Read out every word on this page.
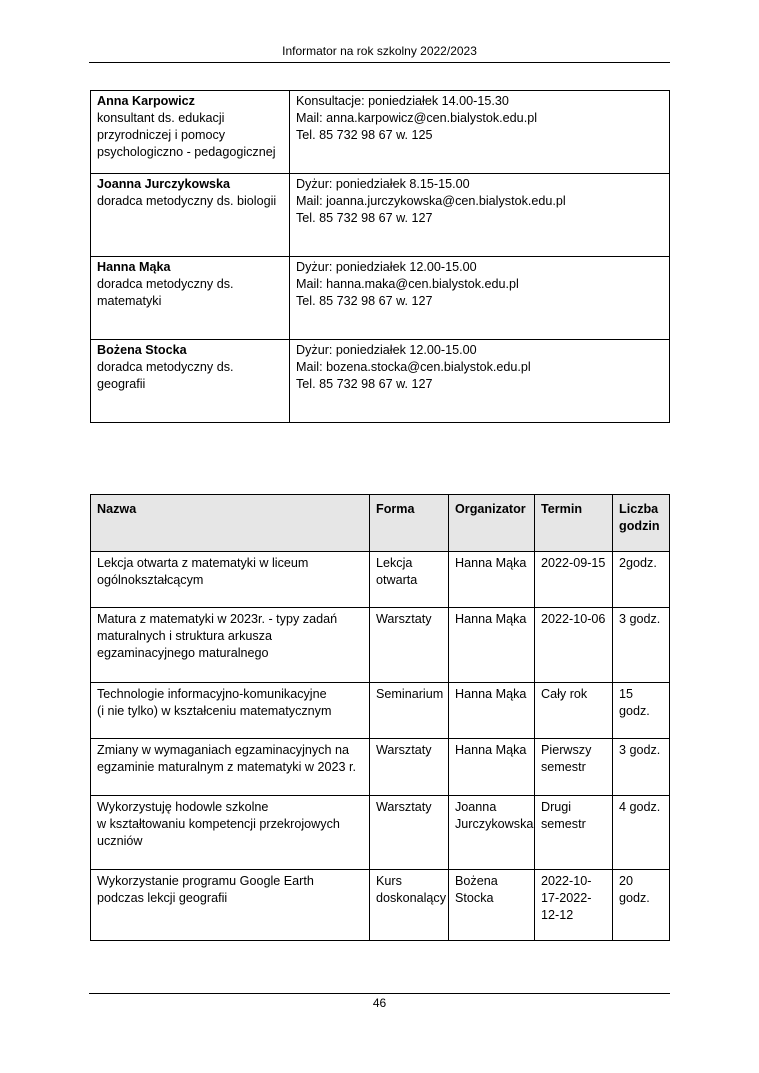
Informator na rok szkolny 2022/2023
Anna Karpowicz
konsultant ds. edukacji
przyrodniczej i pomocy
psychologiczno - pedagogicznej	Konsultacje: poniedziałek 14.00-15.30
Mail: anna.karpowicz@cen.bialystok.edu.pl
Tel. 85 732 98 67 w. 125

Joanna Jurczykowska
doradca metodyczny ds. biologii	Dyżur: poniedziałek 8.15-15.00
Mail: joanna.jurczykowska@cen.bialystok.edu.pl
Tel. 85 732 98 67 w. 127

Hanna Mąka
doradca metodyczny ds.
matematyki	Dyżur: poniedziałek 12.00-15.00
Mail: hanna.maka@cen.bialystok.edu.pl
Tel. 85 732 98 67 w. 127

Bożena Stocka
doradca metodyczny ds.
geografii	Dyżur: poniedziałek 12.00-15.00
Mail: bozena.stocka@cen.bialystok.edu.pl
Tel. 85 732 98 67 w. 127
Nazwa	Forma	Organizator	Termin	Liczba
godzin

Lekcja otwarta z matematyki w liceum
ogólnokształcącym	Lekcja
otwarta	Hanna Mąka	2022-09-15	2godz.

Matura z matematyki w 2023r. - typy zadań
maturalnych i struktura arkusza
egzaminacyjnego maturalnego	Warsztaty	Hanna Mąka	2022-10-06	3 godz.

Technologie informacyjno-komunikacyjne
(i nie tylko) w kształceniu matematycznym	Seminarium	Hanna Mąka	Cały rok	15
godz.

Zmiany w wymaganiach egzaminacyjnych na
egzaminie maturalnym z matematyki w 2023 r.	Warsztaty	Hanna Mąka	Pierwszy
semestr	3 godz.

Wykorzystuję hodowle szkolne
w kształtowaniu kompetencji przekrojowych
uczniów	Warsztaty	Joanna
Jurczykowska	Drugi
semestr	4 godz.

Wykorzystanie programu Google Earth
podczas lekcji geografii	Kurs
doskonalący	Bożena
Stocka	2022-10-
17-2022-
12-12	20
godz.
46
